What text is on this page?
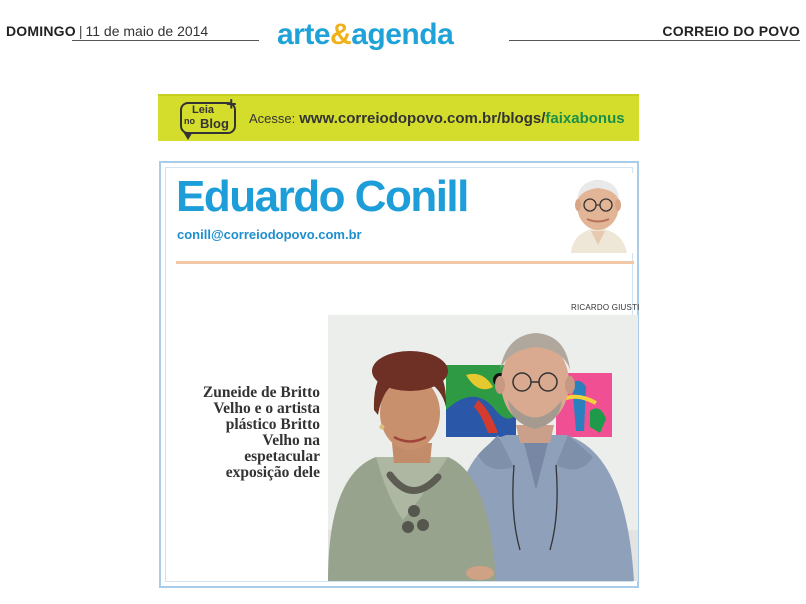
DOMINGO | 11 de maio de 2014 arte&agenda	CORREIO DO POVO
Leia +
no Blog Acesse: www.correiodopovo.com.br/blogs/faixabonus
Eduardo Conill
conill@correiodopovo.com.br
RICARDO GIUSTI
Zuneide de Britto Velho e o artista plástico Britto Velho na espetacular exposição dele
